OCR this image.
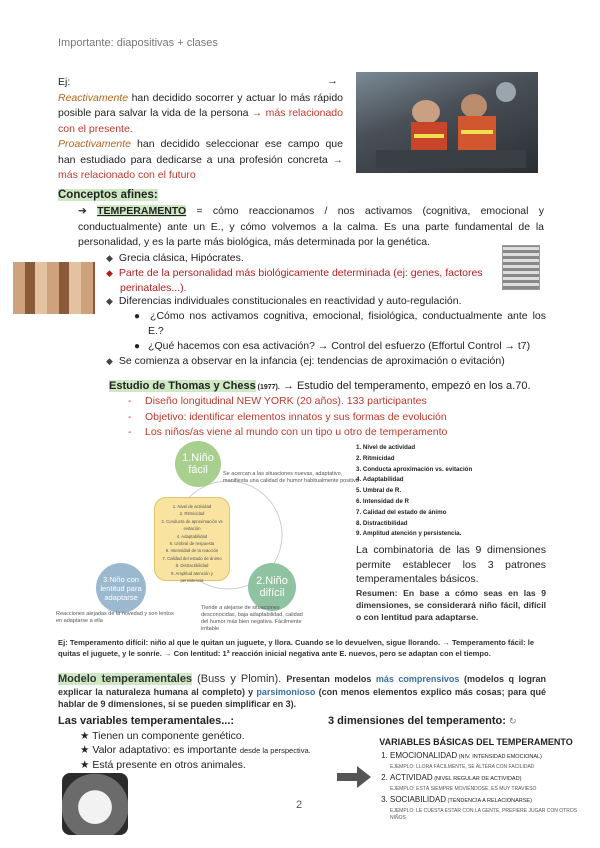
Importante: diapositivas + clases
→
Ej:

Reactivamente han decidido socorrer y actuar lo más rápido posible para salvar la vida de la persona → más relacionado con el presente.

Proactivamente han decidido seleccionar ese campo que han estudiado para dedicarse a una profesión concreta → más relacionado con el futuro

Conceptos afines:
➔ TEMPERAMENTO = cómo reaccionamos / nos activamos (cognitiva, emocional y conductualmente) ante un E., y cómo volvemos a la calma. Es una parte fundamental de la personalidad, y es la parte más biológica, más determinada por la genética.
◆ Grecia clásica, Hipócrates.
◆ Parte de la personalidad más biológicamente determinada (ej: genes, factores perinatales...).
◆ Diferencias individuales constitucionales en reactividad y auto-regulación.
● ¿Cómo nos activamos cognitiva, emocional, fisiológica, conductualmente ante los E.?
● ¿Qué hacemos con esa activación? → Control del esfuerzo (Effortul Control → t7)
◆ Se comienza a observar en la infancia (ej: tendencias de aproximación o evitación)
Estudio de Thomas y Chess (1977). → Estudio del temperamento, empezó en los a.70.
- Diseño longitudinal NEW YORK (20 años). 133 participantes
- Objetivo: identificar elementos innatos y sus formas de evolución
- Los niños/as viene al mundo con un tipo u otro de temperamento
1.Niño fácil
2.Niño difícil
3.Niño con lentitud para adaptarse
Se acercan a las situaciones nuevas, adaptativo, manifiesta una calidad de humor habitualmente positiva
Tiende a alejarse de situaciones desconocidas, baja adaptabilidad, calidad del humor más bien negativa. Fácilmente irritable
Reacciones alejadas de la novedad y son lentos en adaptarse a ella
1. Nivel de actividad
2. Ritmicidad
3. Conducta de aproximación vs evitación
4. Adaptabilidad
5. Umbral de respuesta
6. Intensidad de la reacción
7. Calidad del estado de ánimo
8. Distractibilidad
9. Amplitud atención y persistencia
1. Nivel de actividad
2. Ritmicidad
3. Conducta aproximación vs. evitación
4. Adaptabilidad
5. Umbral de R.
6. Intensidad de R
7. Calidad del estado de ánimo
8. Distractibilidad
9. Amplitud atención y persistencia.
La combinatoria de las 9 dimensiones permite establecer los 3 patrones temperamentales básicos.
Resumen: En base a cómo seas en las 9 dimensiones, se considerará niño fácil, difícil o con lentitud para adaptarse.
Ej: Temperamento difícil: niño al que le quitan un juguete, y llora. Cuando se lo devuelven, sigue llorando. → Temperamento fácil: le quitas el juguete, y le sonríe. → Con lentitud: 1ª reacción inicial negativa ante E. nuevos, pero se adaptan con el tiempo.
Modelo temperamentales (Buss y Plomin). Presentan modelos más comprensivos (modelos q logran explicar la naturaleza humana al completo) y parsimonioso (con menos elementos explico más cosas; para qué hablar de 9 dimensiones, si se pueden simplificar en 3).
Las variables temperamentales...:	3 dimensiones del temperamento: ↻
★ Tienen un componente genético.
★ Valor adaptativo: es importante desde la perspectiva.
★ Está presente en otros animales.
2
VARIABLES BÁSICAS DEL TEMPERAMENTO
1. EMOCIONALIDAD (NIV. INTENSIDAD EMOCIONAL)
EJEMPLO: LLORA FÁCILMENTE, SE ALTERA CON FACILIDAD
2. ACTIVIDAD (NIVEL REGULAR DE ACTIVIDAD)
EJEMPLO: ESTÁ SIEMPRE MOVIÉNDOSE, ES MUY TRAVIESO
3. SOCIABILIDAD (TENDENCIA A RELACIONARSE)
EJEMPLO: LE CUESTA ESTAR CON LA GENTE, PREFIERE JUGAR CON OTROS NIÑOS
